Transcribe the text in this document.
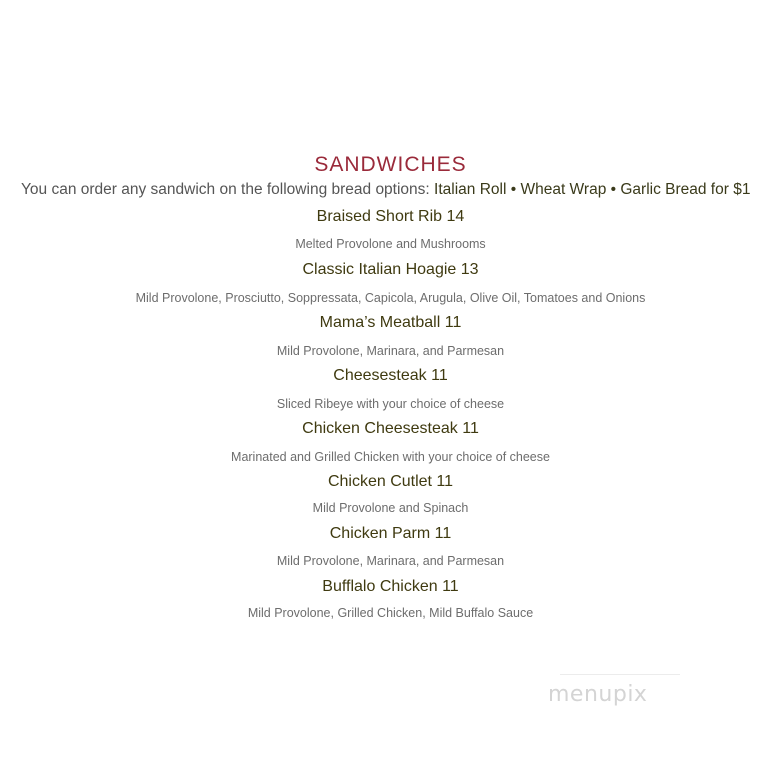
SANDWICHES
You can order any sandwich on the following bread options: Italian Roll • Wheat Wrap • Garlic Bread for $1
Braised Short Rib 14
Melted Provolone and Mushrooms
Classic Italian Hoagie 13
Mild Provolone, Prosciutto, Soppressata, Capicola, Arugula, Olive Oil, Tomatoes and Onions
Mama’s Meatball 11
Mild Provolone, Marinara, and Parmesan
Cheesesteak 11
Sliced Ribeye with your choice of cheese
Chicken Cheesesteak 11
Marinated and Grilled Chicken with your choice of cheese
Chicken Cutlet 11
Mild Provolone and Spinach
Chicken Parm 11
Mild Provolone, Marinara, and Parmesan
Bufflalo Chicken 11
Mild Provolone, Grilled Chicken, Mild Buffalo Sauce
menupix
